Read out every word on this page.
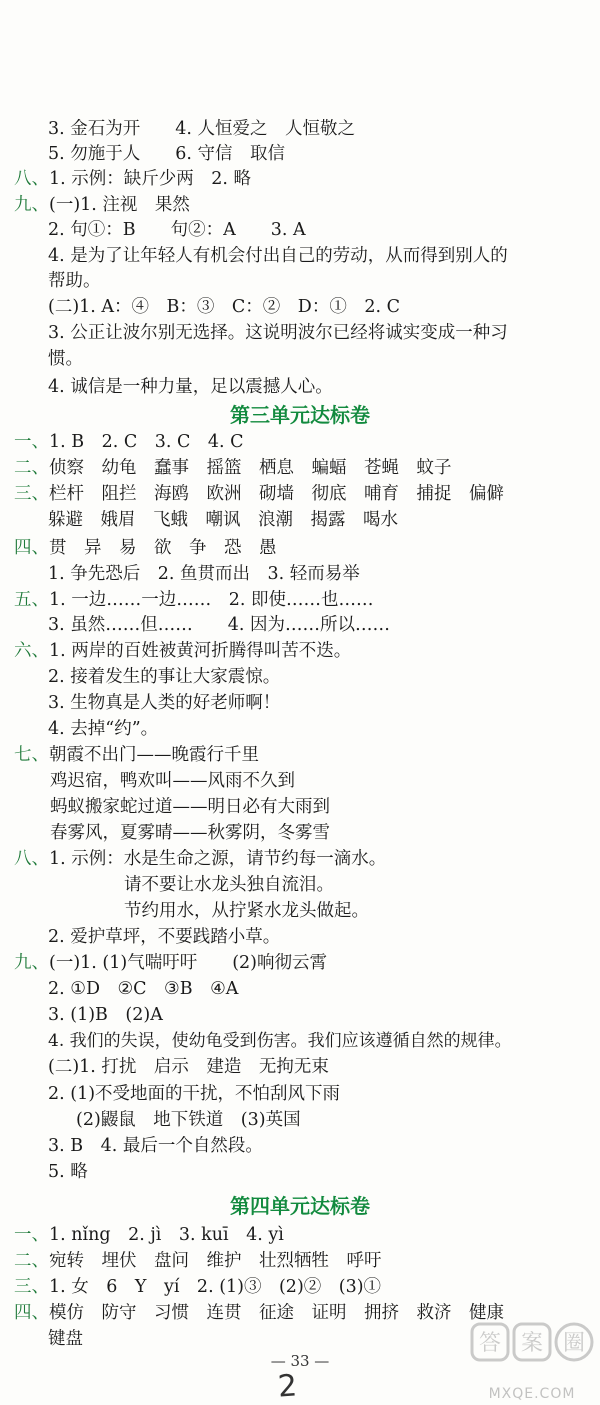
3. 金石为开　　4. 人恒爱之　人恒敬之
5. 勿施于人　　6. 守信　取信
八、1. 示例：缺斤少两　2. 略
九、(一)1. 注视　果然
2. 句①：B　　句②：A　　3. A
4. 是为了让年轻人有机会付出自己的劳动，从而得到别人的
帮助。
(二)1. A：④　B：③　C：②　D：①　2. C
3. 公正让波尔别无选择。这说明波尔已经将诚实变成一种习
惯。
4. 诚信是一种力量，足以震撼人心。
第三单元达标卷
一、1. B　2. C　3. C　4. C
二、侦察　幼龟　蠢事　摇篮　栖息　蝙蝠　苍蝇　蚊子
三、栏杆　阻拦　海鸥　欧洲　砌墙　彻底　哺育　捕捉　偏僻
躲避　娥眉　飞蛾　嘲讽　浪潮　揭露　喝水
四、贯　异　易　欲　争　恐　愚
1. 争先恐后　2. 鱼贯而出　3. 轻而易举
五、1. 一边……一边……　2. 即使……也……
3. 虽然……但……　　4. 因为……所以……
六、1. 两岸的百姓被黄河折腾得叫苦不迭。
2. 接着发生的事让大家震惊。
3. 生物真是人类的好老师啊！
4. 去掉“约”。
七、朝霞不出门——晚霞行千里
鸡迟宿，鸭欢叫——风雨不久到
蚂蚁搬家蛇过道——明日必有大雨到
春雾风，夏雾晴——秋雾阴，冬雾雪
八、1. 示例：水是生命之源，请节约每一滴水。
请不要让水龙头独自流泪。
节约用水，从拧紧水龙头做起。
2. 爱护草坪，不要践踏小草。
九、(一)1. (1)气喘吁吁　　(2)响彻云霄
2. ①D　②C　③B　④A
3. (1)B　(2)A
4. 我们的失误，使幼龟受到伤害。我们应该遵循自然的规律。
(二)1. 打扰　启示　建造　无拘无束
2. (1)不受地面的干扰，不怕刮风下雨
(2)鼹鼠　地下铁道　(3)英国
3. B　4. 最后一个自然段。
5. 略
第四单元达标卷
一、1. nǐng　2. jì　3. kuī　4. yì
二、宛转　埋伏　盘问　维护　壮烈牺牲　呼吁
三、1. 女　6　Y　yí　2. (1)③　(2)②　(3)①
四、模仿　防守　习惯　连贯　征途　证明　拥挤　救济　健康
键盘
— 33 —
2
答 案 圈
MXQE.COM
